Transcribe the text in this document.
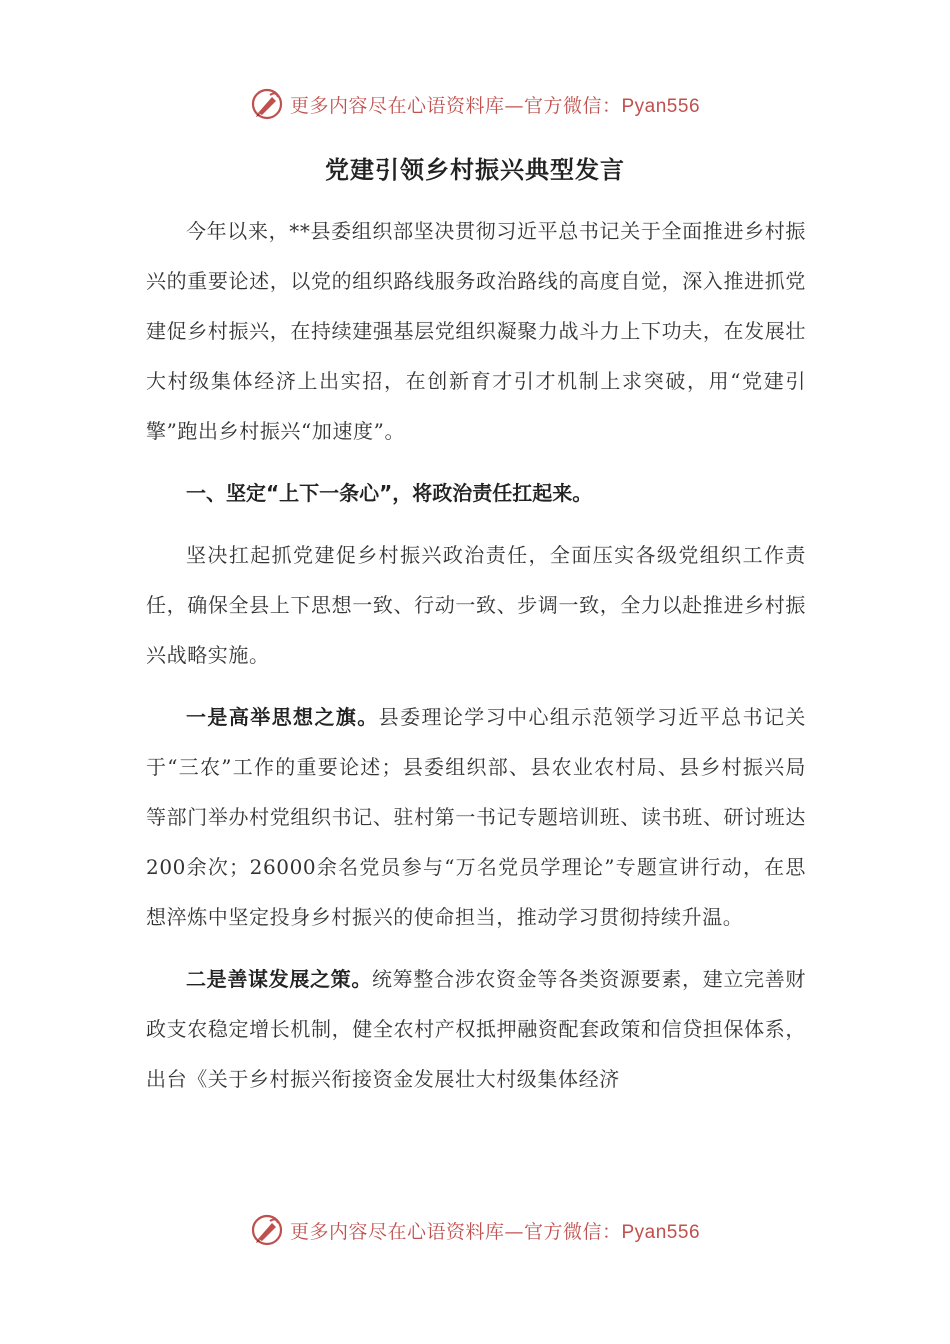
更多内容尽在心语资料库—官方微信：Pyan556
党建引领乡村振兴典型发言

今年以来，**县委组织部坚决贯彻习近平总书记关于全面推进乡村振兴的重要论述，以党的组织路线服务政治路线的高度自觉，深入推进抓党建促乡村振兴，在持续建强基层党组织凝聚力战斗力上下功夫，在发展壮大村级集体经济上出实招，在创新育才引才机制上求突破，用“党建引擎”跑出乡村振兴“加速度”。

一、坚定“上下一条心”，将政治责任扛起来。

坚决扛起抓党建促乡村振兴政治责任，全面压实各级党组织工作责任，确保全县上下思想一致、行动一致、步调一致，全力以赴推进乡村振兴战略实施。

一是高举思想之旗。县委理论学习中心组示范领学习近平总书记关于“三农”工作的重要论述；县委组织部、县农业农村局、县乡村振兴局等部门举办村党组织书记、驻村第一书记专题培训班、读书班、研讨班达200余次；26000余名党员参与“万名党员学理论”专题宣讲行动，在思想淬炼中坚定投身乡村振兴的使命担当，推动学习贯彻持续升温。

二是善谋发展之策。统筹整合涉农资金等各类资源要素，建立完善财政支农稳定增长机制，健全农村产权抵押融资配套政策和信贷担保体系，出台《关于乡村振兴衔接资金发展壮大村级集体经济

更多内容尽在心语资料库—官方微信：Pyan556
